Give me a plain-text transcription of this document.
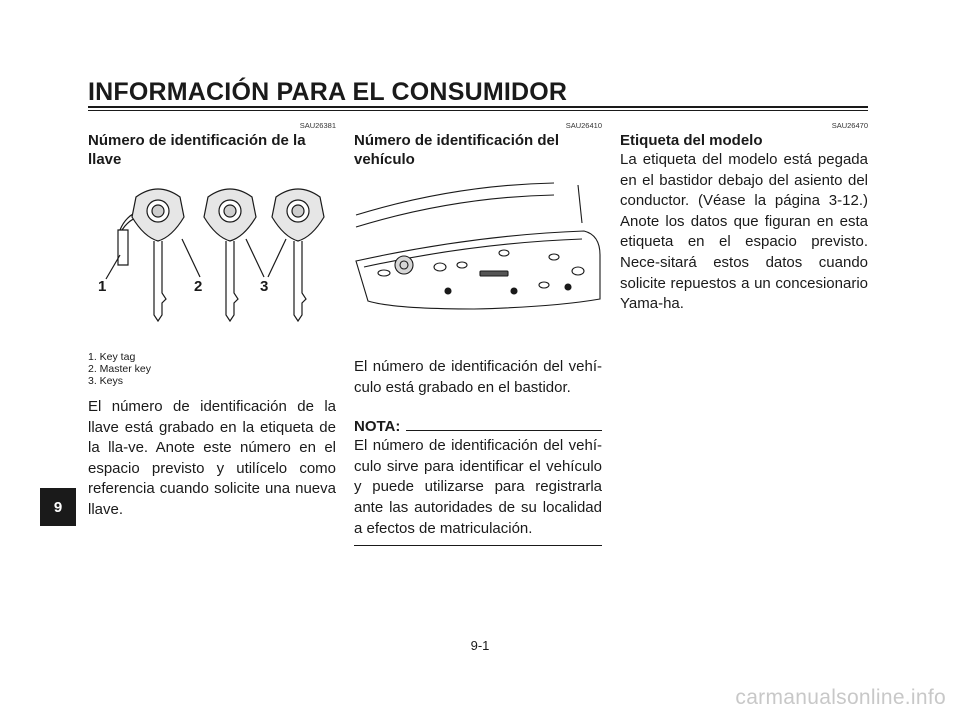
INFORMACIÓN PARA EL CONSUMIDOR
SAU26381
Número de identificación de la llave
1	2	3

1. Key tag

2. Master key

3. Keys

El número de identificación de la llave está grabado en la etiqueta de la lla-ve. Anote este número en el espacio previsto y utilícelo como referencia cuando solicite una nueva llave.

SAU26410
Número de identificación del vehículo

El número de identificación del vehí-culo está grabado en el bastidor.

NOTA:

El número de identificación del vehí-culo sirve para identificar el vehículo y puede utilizarse para registrarla ante las autoridades de su localidad a efectos de matriculación.

SAU26470
Etiqueta del modelo

La etiqueta del modelo está pegada en el bastidor debajo del asiento del conductor. (Véase la página 3-12.) Anote los datos que figuran en esta etiqueta en el espacio previsto. Nece-sitará estos datos cuando solicite repuestos a un concesionario Yama-ha.

9
9-1
carmanualsonline.info
